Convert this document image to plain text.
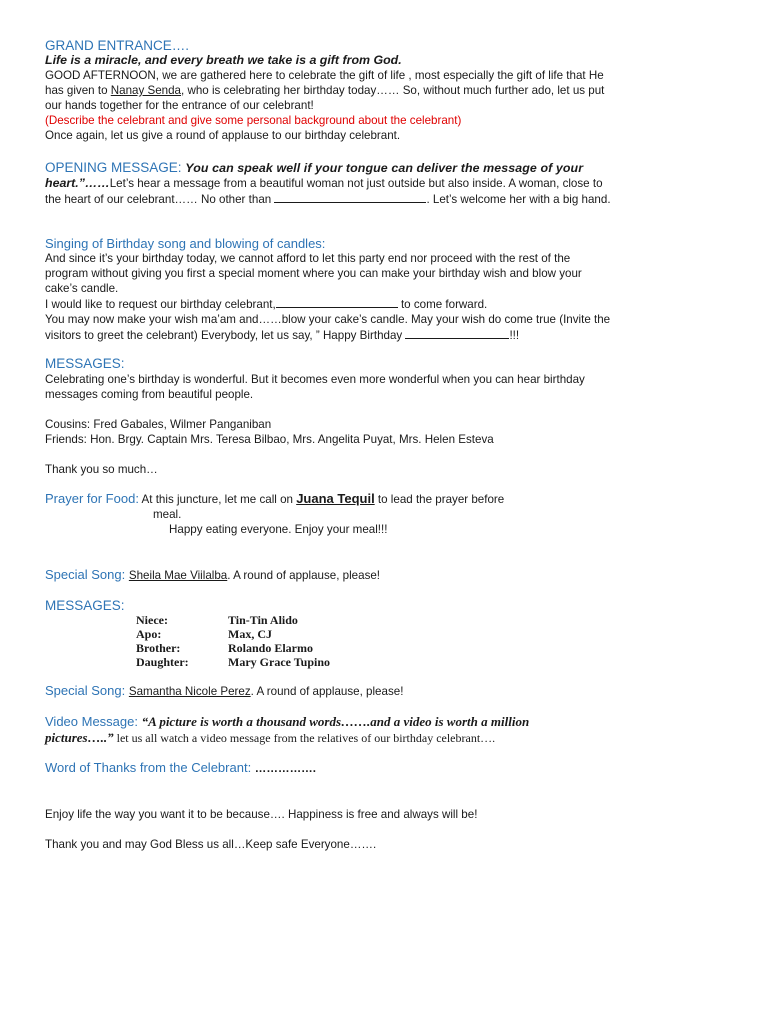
GRAND ENTRANCE….

Life is a miracle, and every breath we take is a gift from God.

GOOD AFTERNOON, we are gathered here to celebrate the gift of life , most especially the gift of life that He

has given to Nanay Senda, who is celebrating her birthday today…… So, without much further ado, let us put

our hands together for the entrance of our celebrant!

(Describe the celebrant and give some personal background about the celebrant)

Once again, let us give a round of applause to our birthday celebrant.

OPENING MESSAGE: You can speak well if your tongue can deliver the message of your

heart.”……Let’s hear a message from a beautiful woman not just outside but also inside. A woman, close to

the heart of our celebrant…… No other than	. Let’s welcome her with a big hand.

Singing of Birthday song and blowing of candles:

And since it’s your birthday today, we cannot afford to let this party end nor proceed with the rest of the

program without giving you first a special moment where you can make your birthday wish and blow your

cake’s candle.

I would like to request our birthday celebrant,	to come forward.

You may now make your wish ma’am and……blow your cake’s candle. May your wish do come true (Invite the

visitors to greet the celebrant) Everybody, let us say, ” Happy Birthday	!!!

MESSAGES:

Celebrating one’s birthday is wonderful. But it becomes even more wonderful when you can hear birthday

messages coming from beautiful people.

Cousins: Fred Gabales, Wilmer Panganiban

Friends: Hon. Brgy. Captain Mrs. Teresa Bilbao, Mrs. Angelita Puyat, Mrs. Helen Esteva

Thank you so much…

Prayer for Food: At this juncture, let me call on Juana Tequil to lead the prayer before

meal.

Happy eating everyone. Enjoy your meal!!!

Special Song: Sheila Mae Viilalba. A round of applause, please!

MESSAGES:

Niece:	Tin-Tin Alido
Apo:	Max, CJ
Brother:	Rolando Elarmo
Daughter:	Mary Grace Tupino

Special Song: Samantha Nicole Perez. A round of applause, please!

Video Message: “A picture is worth a thousand words…….and a video is worth a million

pictures…..” let us all watch a video message from the relatives of our birthday celebrant….

Word of Thanks from the Celebrant: …………….

Enjoy life the way you want it to be because…. Happiness is free and always will be!

Thank you and may God Bless us all…Keep safe Everyone…….
